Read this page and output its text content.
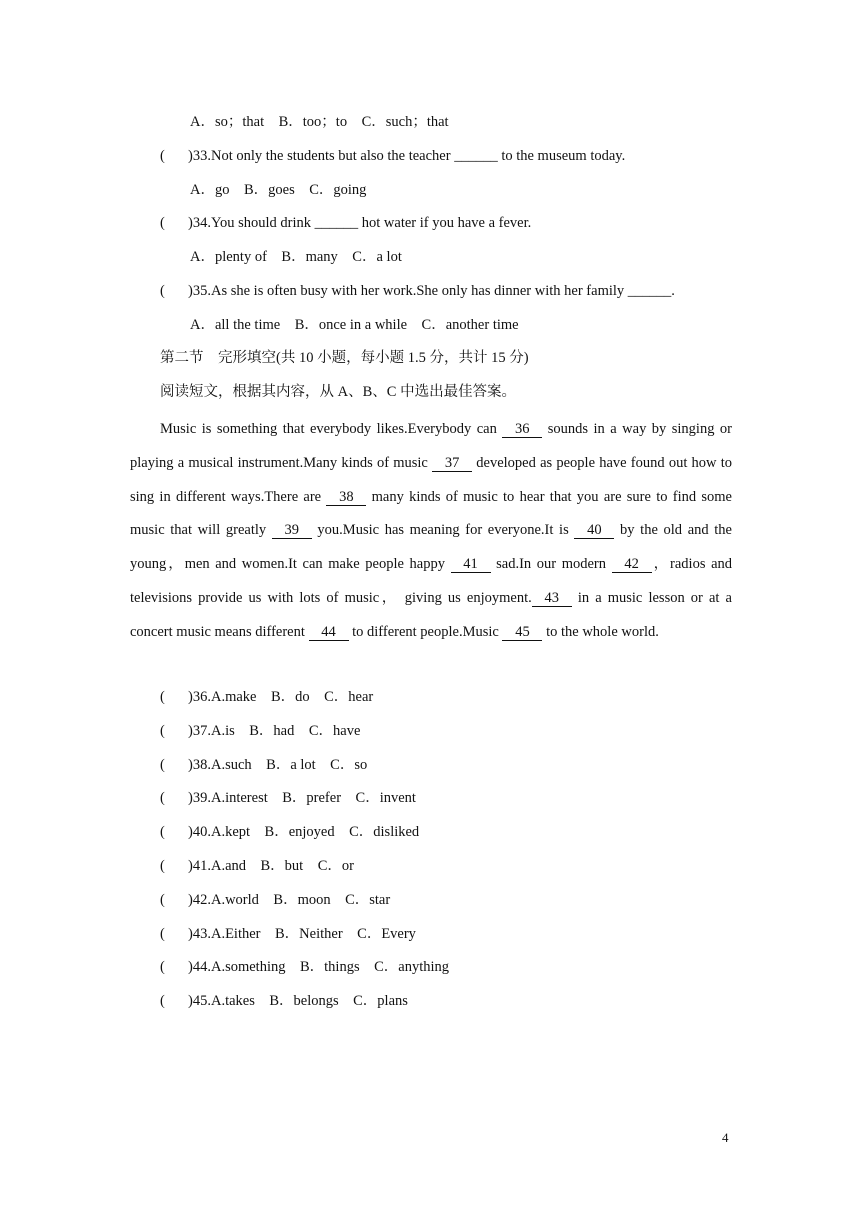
A．so；that　B．too；to　C．such；that
( )33.Not only the students but also the teacher ______ to the museum today.
A．go　B．goes　C．going
( )34.You should drink ______ hot water if you have a fever.
A．plenty of　B．many　C．a lot
( )35.As she is often busy with her work.She only has dinner with her family ______.
A．all the time　B．once in a while　C．another time
第二节　完形填空(共 10 小题，每小题 1.5 分，共计 15 分)
阅读短文，根据其内容，从 A、B、C 中选出最佳答案。
Music is something that everybody likes.Everybody can 36 sounds in a way by singing or playing a musical instrument.Many kinds of music 37 developed as people have found out how to sing in different ways.There are 38 many kinds of music to hear that you are sure to find some music that will greatly 39 you.Music has meaning for everyone.It is 40 by the old and the young，men and women.It can make people happy 41 sad.In our modern 42 ，radios and televisions provide us with lots of music， giving us enjoyment. 43 in a music lesson or at a concert music means different 44 to different people.Music 45 to the whole world.
( )36.A.make　B．do　C．hear
( )37.A.is　B．had　C．have
( )38.A.such　B．a lot　C．so
( )39.A.interest　B．prefer　C．invent
( )40.A.kept　B．enjoyed　C．disliked
( )41.A.and　B．but　C．or
( )42.A.world　B．moon　C．star
( )43.A.Either　B．Neither　C．Every
( )44.A.something　B．things　C．anything
( )45.A.takes　B．belongs　C．plans
4
